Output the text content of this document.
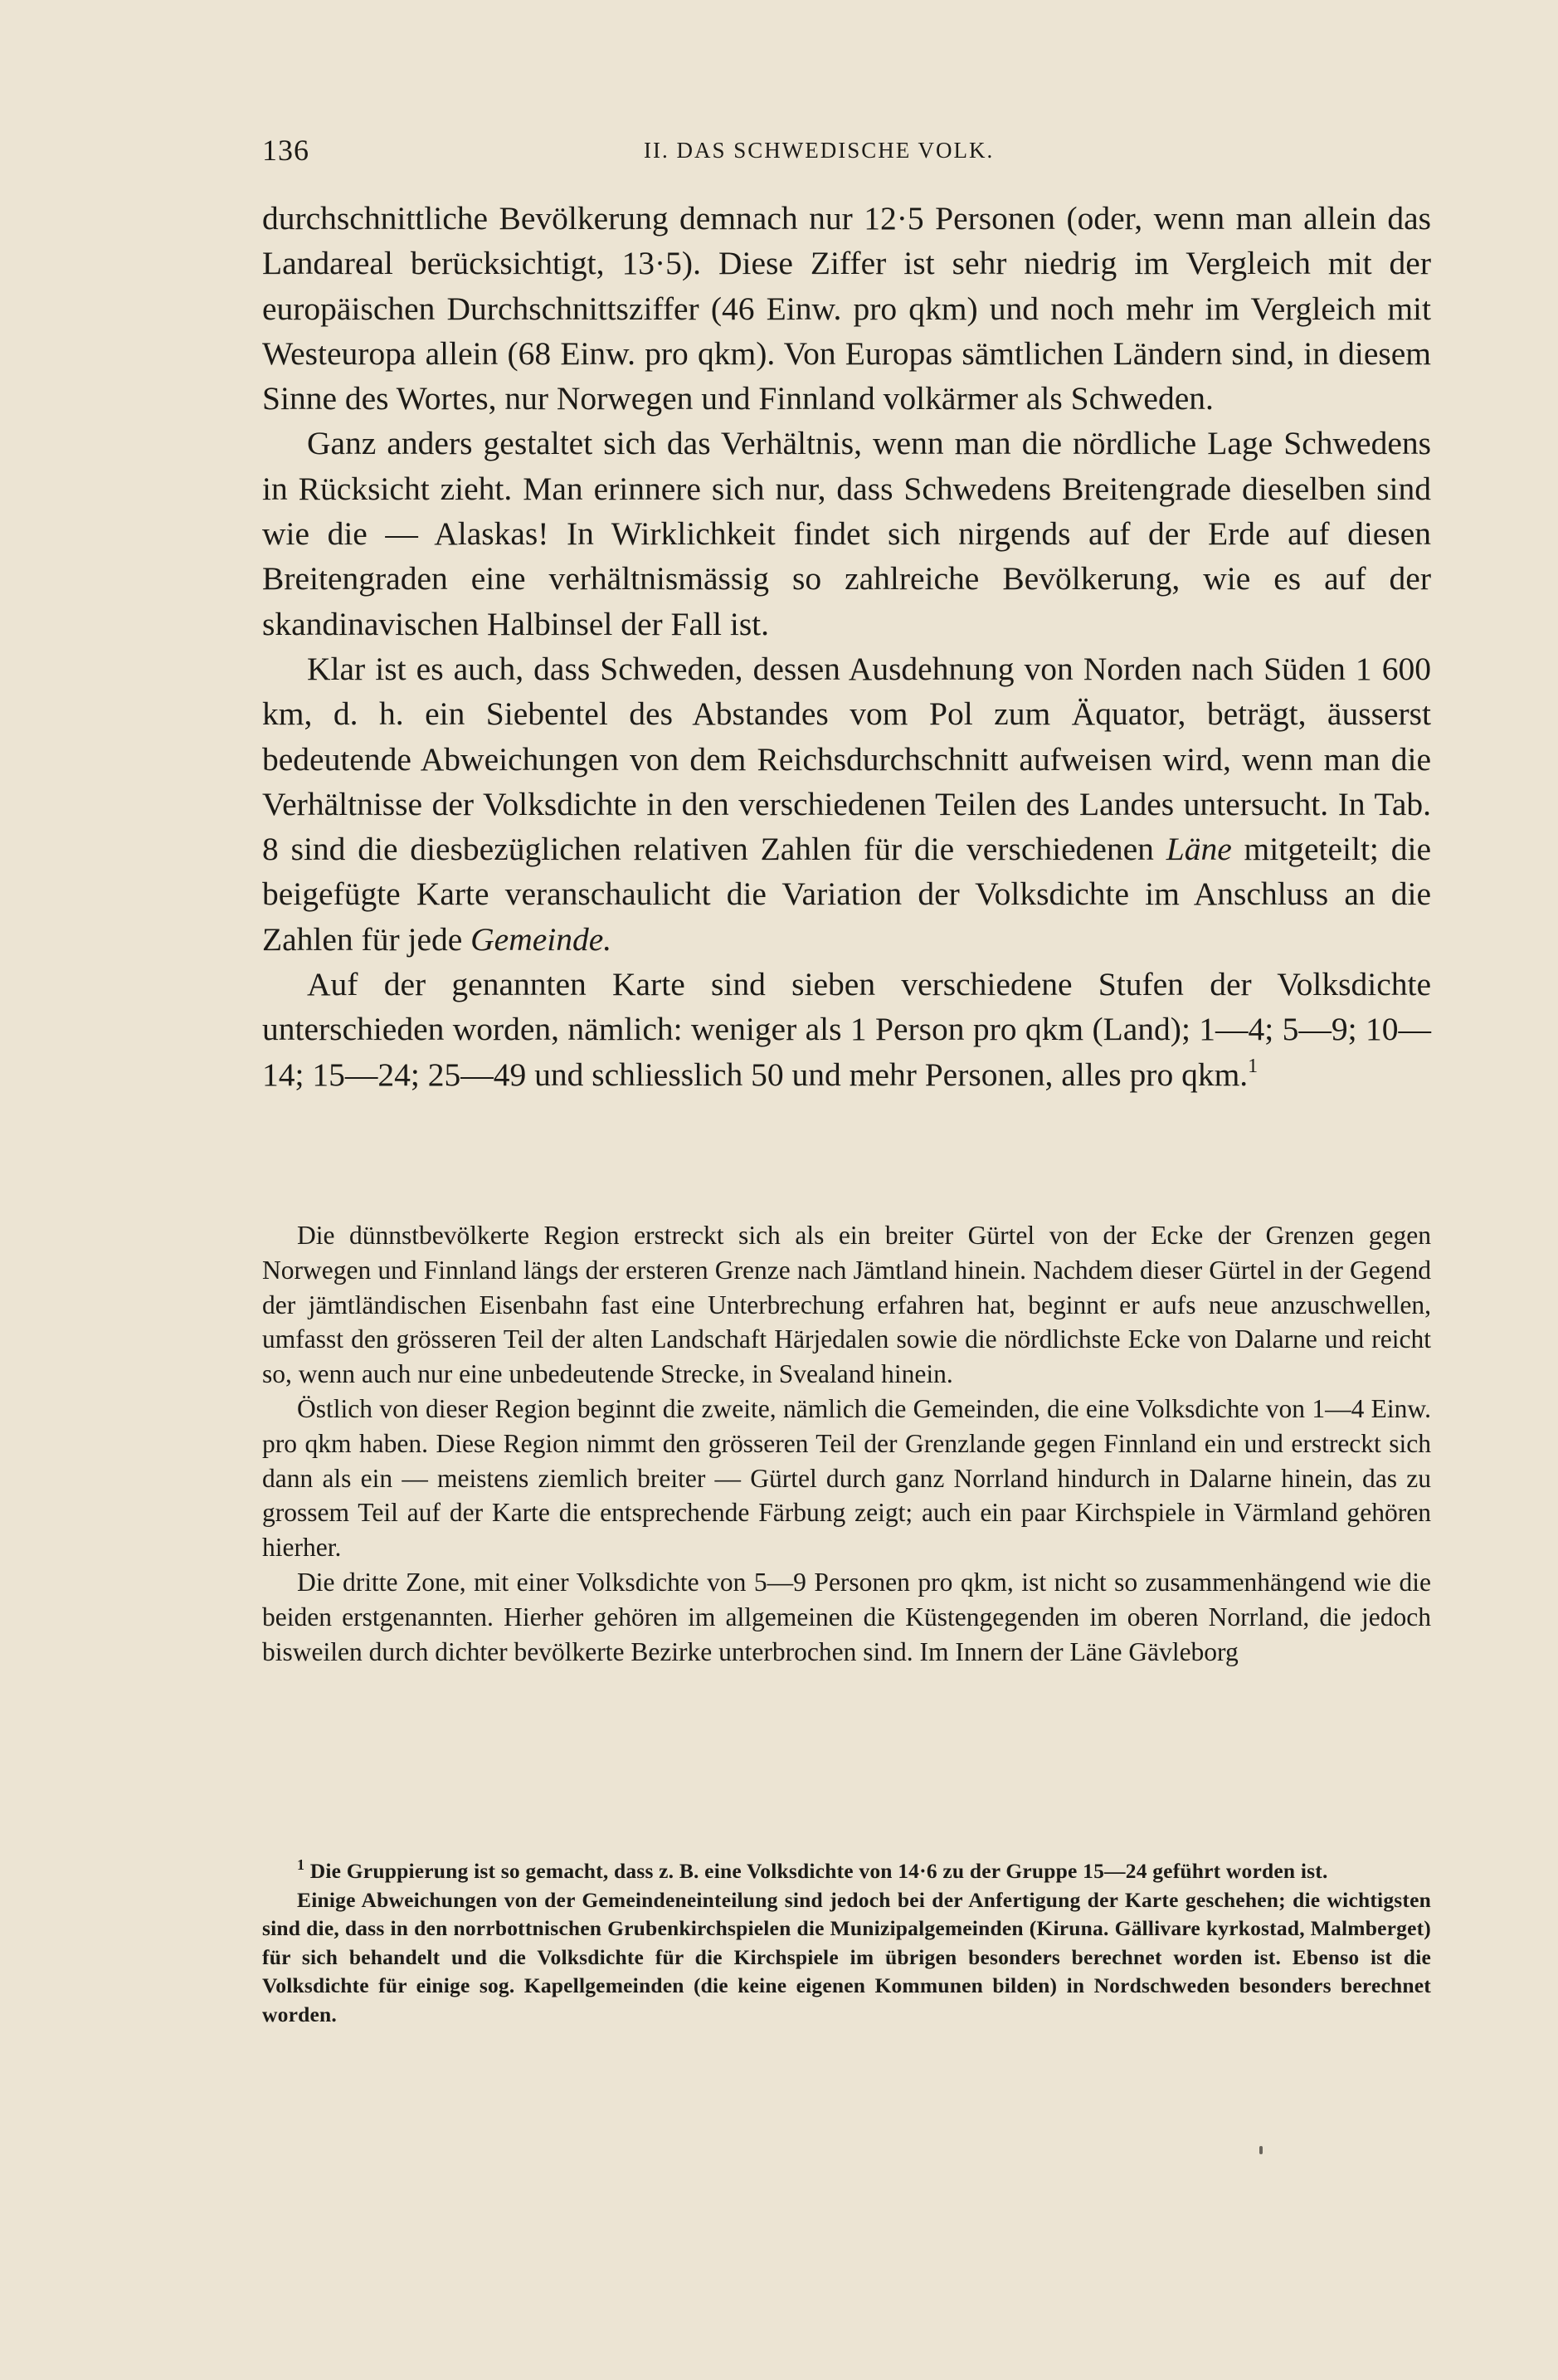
136	II. DAS SCHWEDISCHE VOLK.

durchschnittliche Bevölkerung demnach nur 12·5 Personen (oder, wenn man allein das Landareal berücksichtigt, 13·5). Diese Ziffer ist sehr niedrig im Vergleich mit der europäischen Durchschnittsziffer (46 Einw. pro qkm) und noch mehr im Vergleich mit Westeuropa allein (68 Einw. pro qkm). Von Europas sämtlichen Ländern sind, in diesem Sinne des Wortes, nur Norwegen und Finnland volkärmer als Schweden.

Ganz anders gestaltet sich das Verhältnis, wenn man die nördliche Lage Schwedens in Rücksicht zieht. Man erinnere sich nur, dass Schwedens Breitengrade dieselben sind wie die — Alaskas! In Wirklichkeit findet sich nirgends auf der Erde auf diesen Breitengraden eine verhältnismässig so zahlreiche Bevölkerung, wie es auf der skandinavischen Halbinsel der Fall ist.

Klar ist es auch, dass Schweden, dessen Ausdehnung von Norden nach Süden 1 600 km, d. h. ein Siebentel des Abstandes vom Pol zum Äquator, beträgt, äusserst bedeutende Abweichungen von dem Reichsdurchschnitt aufweisen wird, wenn man die Verhältnisse der Volksdichte in den verschiedenen Teilen des Landes untersucht. In Tab. 8 sind die diesbezüglichen relativen Zahlen für die verschiedenen Läne mitgeteilt; die beigefügte Karte veranschaulicht die Variation der Volksdichte im Anschluss an die Zahlen für jede Gemeinde.

Auf der genannten Karte sind sieben verschiedene Stufen der Volksdichte unterschieden worden, nämlich: weniger als 1 Person pro qkm (Land); 1—4; 5—9; 10—14; 15—24; 25—49 und schliesslich 50 und mehr Personen, alles pro qkm.$^1$

Die dünnstbevölkerte Region erstreckt sich als ein breiter Gürtel von der Ecke der Grenzen gegen Norwegen und Finnland längs der ersteren Grenze nach Jämtland hinein. Nachdem dieser Gürtel in der Gegend der jämtländischen Eisenbahn fast eine Unterbrechung erfahren hat, beginnt er aufs neue anzuschwellen, umfasst den grösseren Teil der alten Landschaft Härjedalen sowie die nördlichste Ecke von Dalarne und reicht so, wenn auch nur eine unbedeutende Strecke, in Svealand hinein.

Östlich von dieser Region beginnt die zweite, nämlich die Gemeinden, die eine Volksdichte von 1—4 Einw. pro qkm haben. Diese Region nimmt den grösseren Teil der Grenzlande gegen Finnland ein und erstreckt sich dann als ein — meistens ziemlich breiter — Gürtel durch ganz Norrland hindurch in Dalarne hinein, das zu grossem Teil auf der Karte die entsprechende Färbung zeigt; auch ein paar Kirchspiele in Värmland gehören hierher.

Die dritte Zone, mit einer Volksdichte von 5—9 Personen pro qkm, ist nicht so zusammenhängend wie die beiden erstgenannten. Hierher gehören im allgemeinen die Küstengegenden im oberen Norrland, die jedoch bisweilen durch dichter bevölkerte Bezirke unterbrochen sind. Im Innern der Läne Gävleborg

$^1$ Die Gruppierung ist so gemacht, dass z. B. eine Volksdichte von 14·6 zu der Gruppe 15—24 geführt worden ist.

Einige Abweichungen von der Gemeindeneinteilung sind jedoch bei der Anfertigung der Karte geschehen; die wichtigsten sind die, dass in den norrbottnischen Grubenkirchspielen die Munizipalgemeinden (Kiruna. Gällivare kyrkostad, Malmberget) für sich behandelt und die Volksdichte für die Kirchspiele im übrigen besonders berechnet worden ist. Ebenso ist die Volksdichte für einige sog. Kapellgemeinden (die keine eigenen Kommunen bilden) in Nordschweden besonders berechnet worden.
